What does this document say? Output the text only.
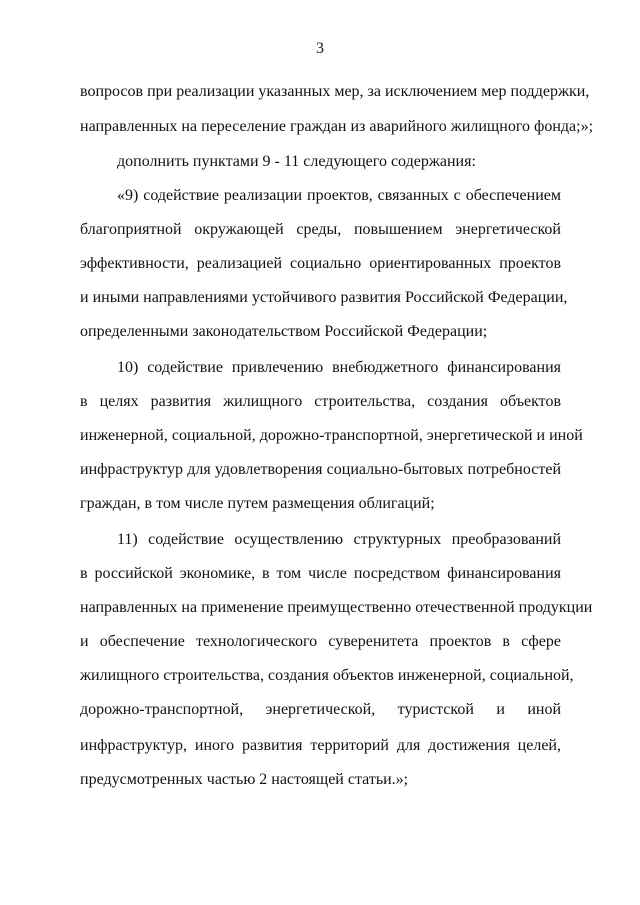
3
вопросов при реализации указанных мер, за исключением мер поддержки,
направленных на переселение граждан из аварийного жилищного фонда;»;
дополнить пунктами 9 - 11 следующего содержания:
«9) содействие реализации проектов, связанных с обеспечением
благоприятной окружающей среды, повышением энергетической
эффективности, реализацией социально ориентированных проектов
и иными направлениями устойчивого развития Российской Федерации,
определенными законодательством Российской Федерации;
10) содействие привлечению внебюджетного финансирования
в целях развития жилищного строительства, создания объектов
инженерной, социальной, дорожно-транспортной, энергетической и иной
инфраструктур для удовлетворения социально-бытовых потребностей
граждан, в том числе путем размещения облигаций;
11) содействие осуществлению структурных преобразований
в российской экономике, в том числе посредством финансирования
направленных на применение преимущественно отечественной продукции
и обеспечение технологического суверенитета проектов в сфере
жилищного строительства, создания объектов инженерной, социальной,
дорожно-транспортной, энергетической, туристской и иной
инфраструктур, иного развития территорий для достижения целей,
предусмотренных частью 2 настоящей статьи.»;
